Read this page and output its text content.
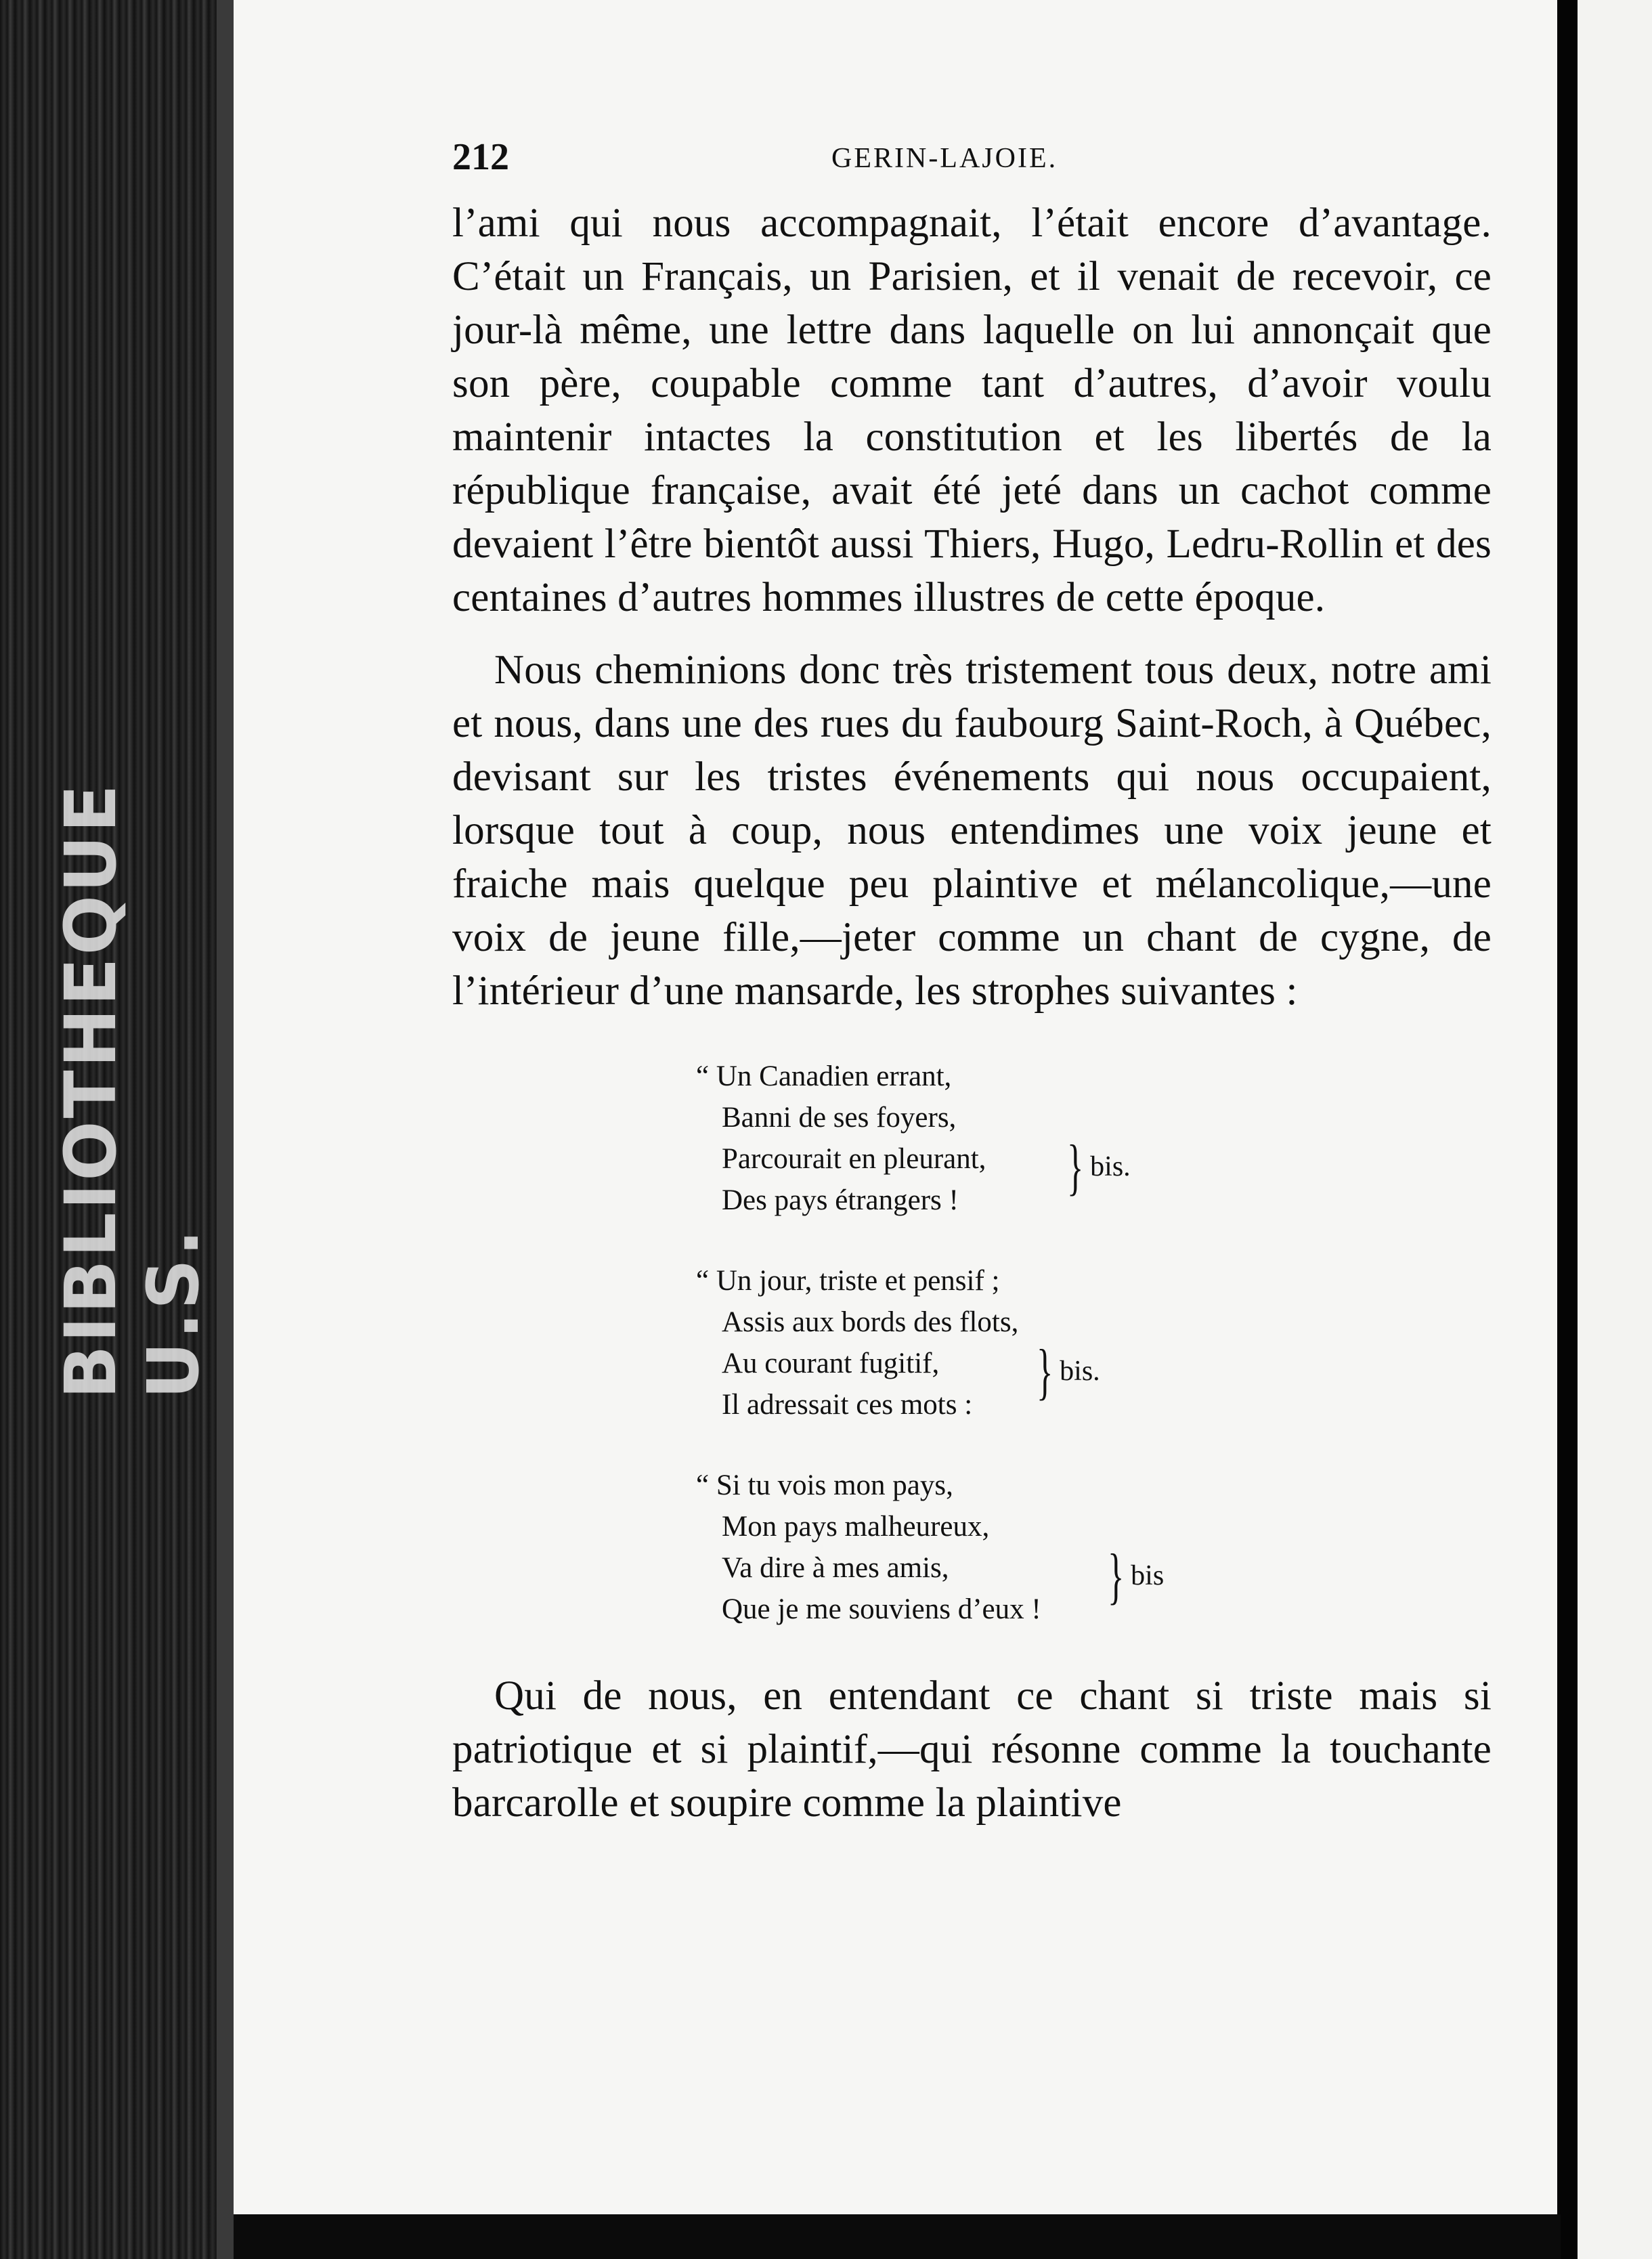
BIBLIOTHEQUE U.S.
212	GERIN-LAJOIE.

l’ami qui nous accompagnait, l’était encore d’avantage. C’était un Français, un Parisien, et il venait de recevoir, ce jour-là même, une lettre dans laquelle on lui annonçait que son père, coupable comme tant d’autres, d’avoir voulu maintenir intactes la constitution et les libertés de la république française, avait été jeté dans un cachot comme devaient l’être bientôt aussi Thiers, Hugo, Ledru-Rollin et des centaines d’autres hommes illustres de cette époque.

Nous cheminions donc très tristement tous deux, notre ami et nous, dans une des rues du faubourg Saint-Roch, à Québec, devisant sur les tristes événements qui nous occupaient, lorsque tout à coup, nous entendimes une voix jeune et fraiche mais quelque peu plaintive et mélancolique,—une voix de jeune fille,—jeter comme un chant de cygne, de l’intérieur d’une mansarde, les strophes suivantes :

“ Un Canadien errant,
Banni de ses foyers,
Parcourait en pleurant,
Des pays étrangers !	} bis.
“ Un jour, triste et pensif ;
Assis aux bords des flots,
Au courant fugitif,
Il adressait ces mots :	} bis.
“ Si tu vois mon pays,
Mon pays malheureux,
Va dire à mes amis,
Que je me souviens d’eux !	} bis

Qui de nous, en entendant ce chant si triste mais si patriotique et si plaintif,—qui résonne comme la touchante barcarolle et soupire comme la plaintive
